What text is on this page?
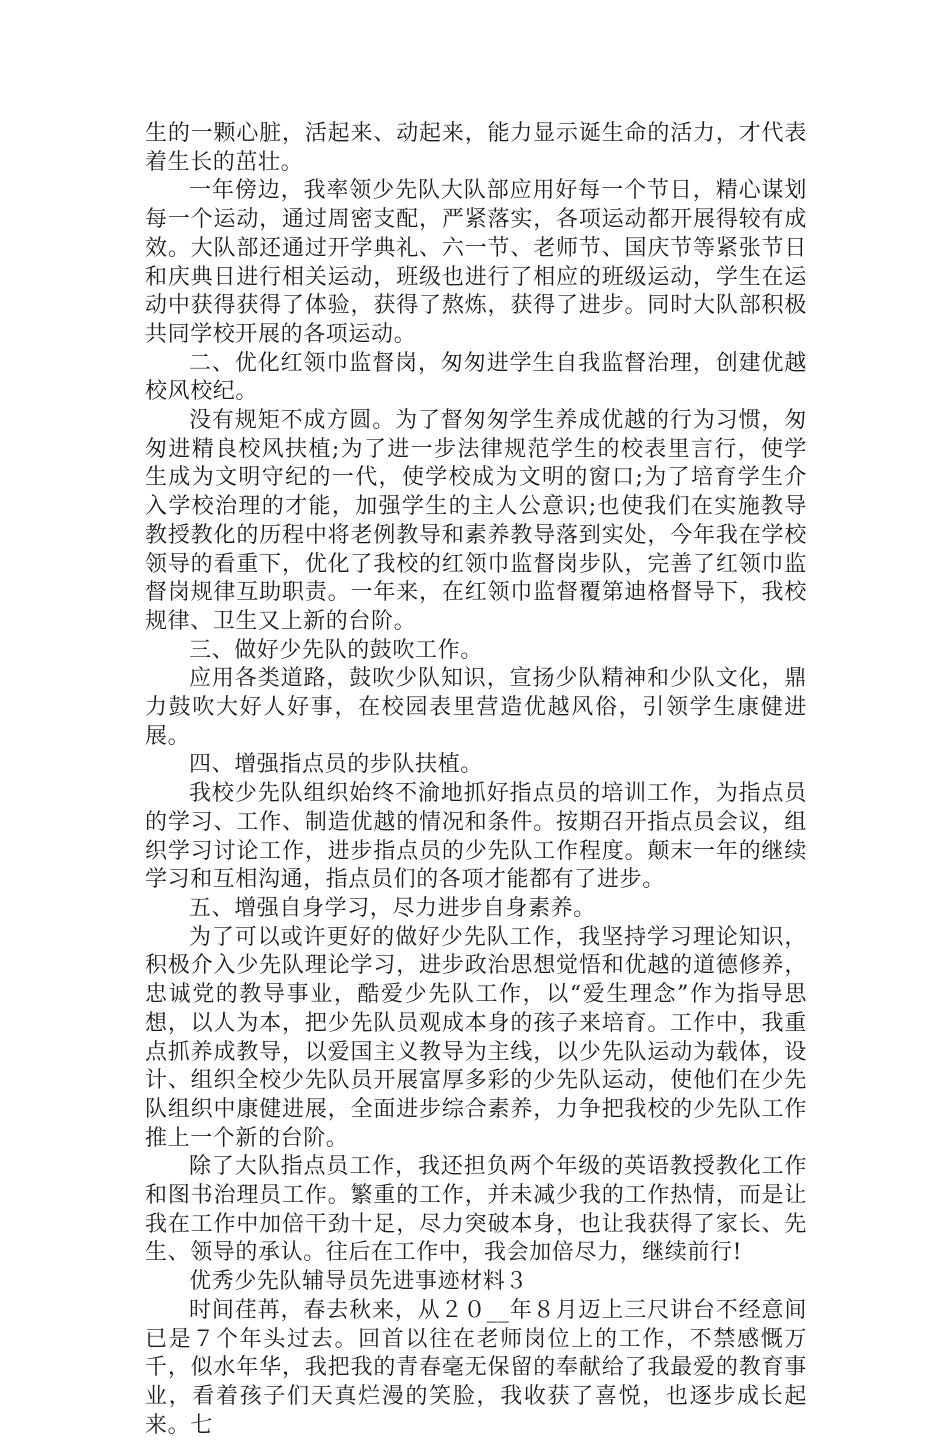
生的一颗心脏，活起来、动起来，能力显示诞生命的活力，才代表着生长的茁壮。

一年傍边，我率领少先队大队部应用好每一个节日，精心谋划每一个运动，通过周密支配，严紧落实，各项运动都开展得较有成效。大队部还通过开学典礼、六一节、老师节、国庆节等紧张节日和庆典日进行相关运动，班级也进行了相应的班级运动，学生在运动中获得获得了体验，获得了熬炼，获得了进步。同时大队部积极共同学校开展的各项运动。

二、优化红领巾监督岗，匆匆进学生自我监督治理，创建优越校风校纪。

没有规矩不成方圆。为了督匆匆学生养成优越的行为习惯，匆匆进精良校风扶植;为了进一步法律规范学生的校表里言行，使学生成为文明守纪的一代，使学校成为文明的窗口;为了培育学生介入学校治理的才能，加强学生的主人公意识;也使我们在实施教导教授教化的历程中将老例教导和素养教导落到实处，今年我在学校领导的看重下，优化了我校的红领巾监督岗步队，完善了红领巾监督岗规律互助职责。一年来，在红领巾监督覆第迪格督导下，我校规律、卫生又上新的台阶。

三、做好少先队的鼓吹工作。

应用各类道路，鼓吹少队知识，宣扬少队精神和少队文化，鼎力鼓吹大好人好事，在校园表里营造优越风俗，引领学生康健进展。

四、增强指点员的步队扶植。

我校少先队组织始终不渝地抓好指点员的培训工作，为指点员的学习、工作、制造优越的情况和条件。按期召开指点员会议，组织学习讨论工作，进步指点员的少先队工作程度。颠末一年的继续学习和互相沟通，指点员们的各项才能都有了进步。

五、增强自身学习，尽力进步自身素养。

为了可以或许更好的做好少先队工作，我坚持学习理论知识，积极介入少先队理论学习，进步政治思想觉悟和优越的道德修养，忠诚党的教导事业，酷爱少先队工作，以“爱生理念”作为指导思想，以人为本，把少先队员观成本身的孩子来培育。工作中，我重点抓养成教导，以爱国主义教导为主线，以少先队运动为载体，设计、组织全校少先队员开展富厚多彩的少先队运动，使他们在少先队组织中康健进展，全面进步综合素养，力争把我校的少先队工作推上一个新的台阶。

除了大队指点员工作，我还担负两个年级的英语教授教化工作和图书治理员工作。繁重的工作，并未减少我的工作热情，而是让我在工作中加倍干劲十足，尽力突破本身，也让我获得了家长、先生、领导的承认。往后在工作中，我会加倍尽力，继续前行!

优秀少先队辅导员先进事迹材料３

时间荏苒，春去秋来，从２０__年８月迈上三尺讲台不经意间已是７个年头过去。回首以往在老师岗位上的工作，不禁感慨万千，似水年华，我把我的青春毫无保留的奉献给了我最爱的教育事业，看着孩子们天真烂漫的笑脸，我收获了喜悦，也逐步成长起来。七
